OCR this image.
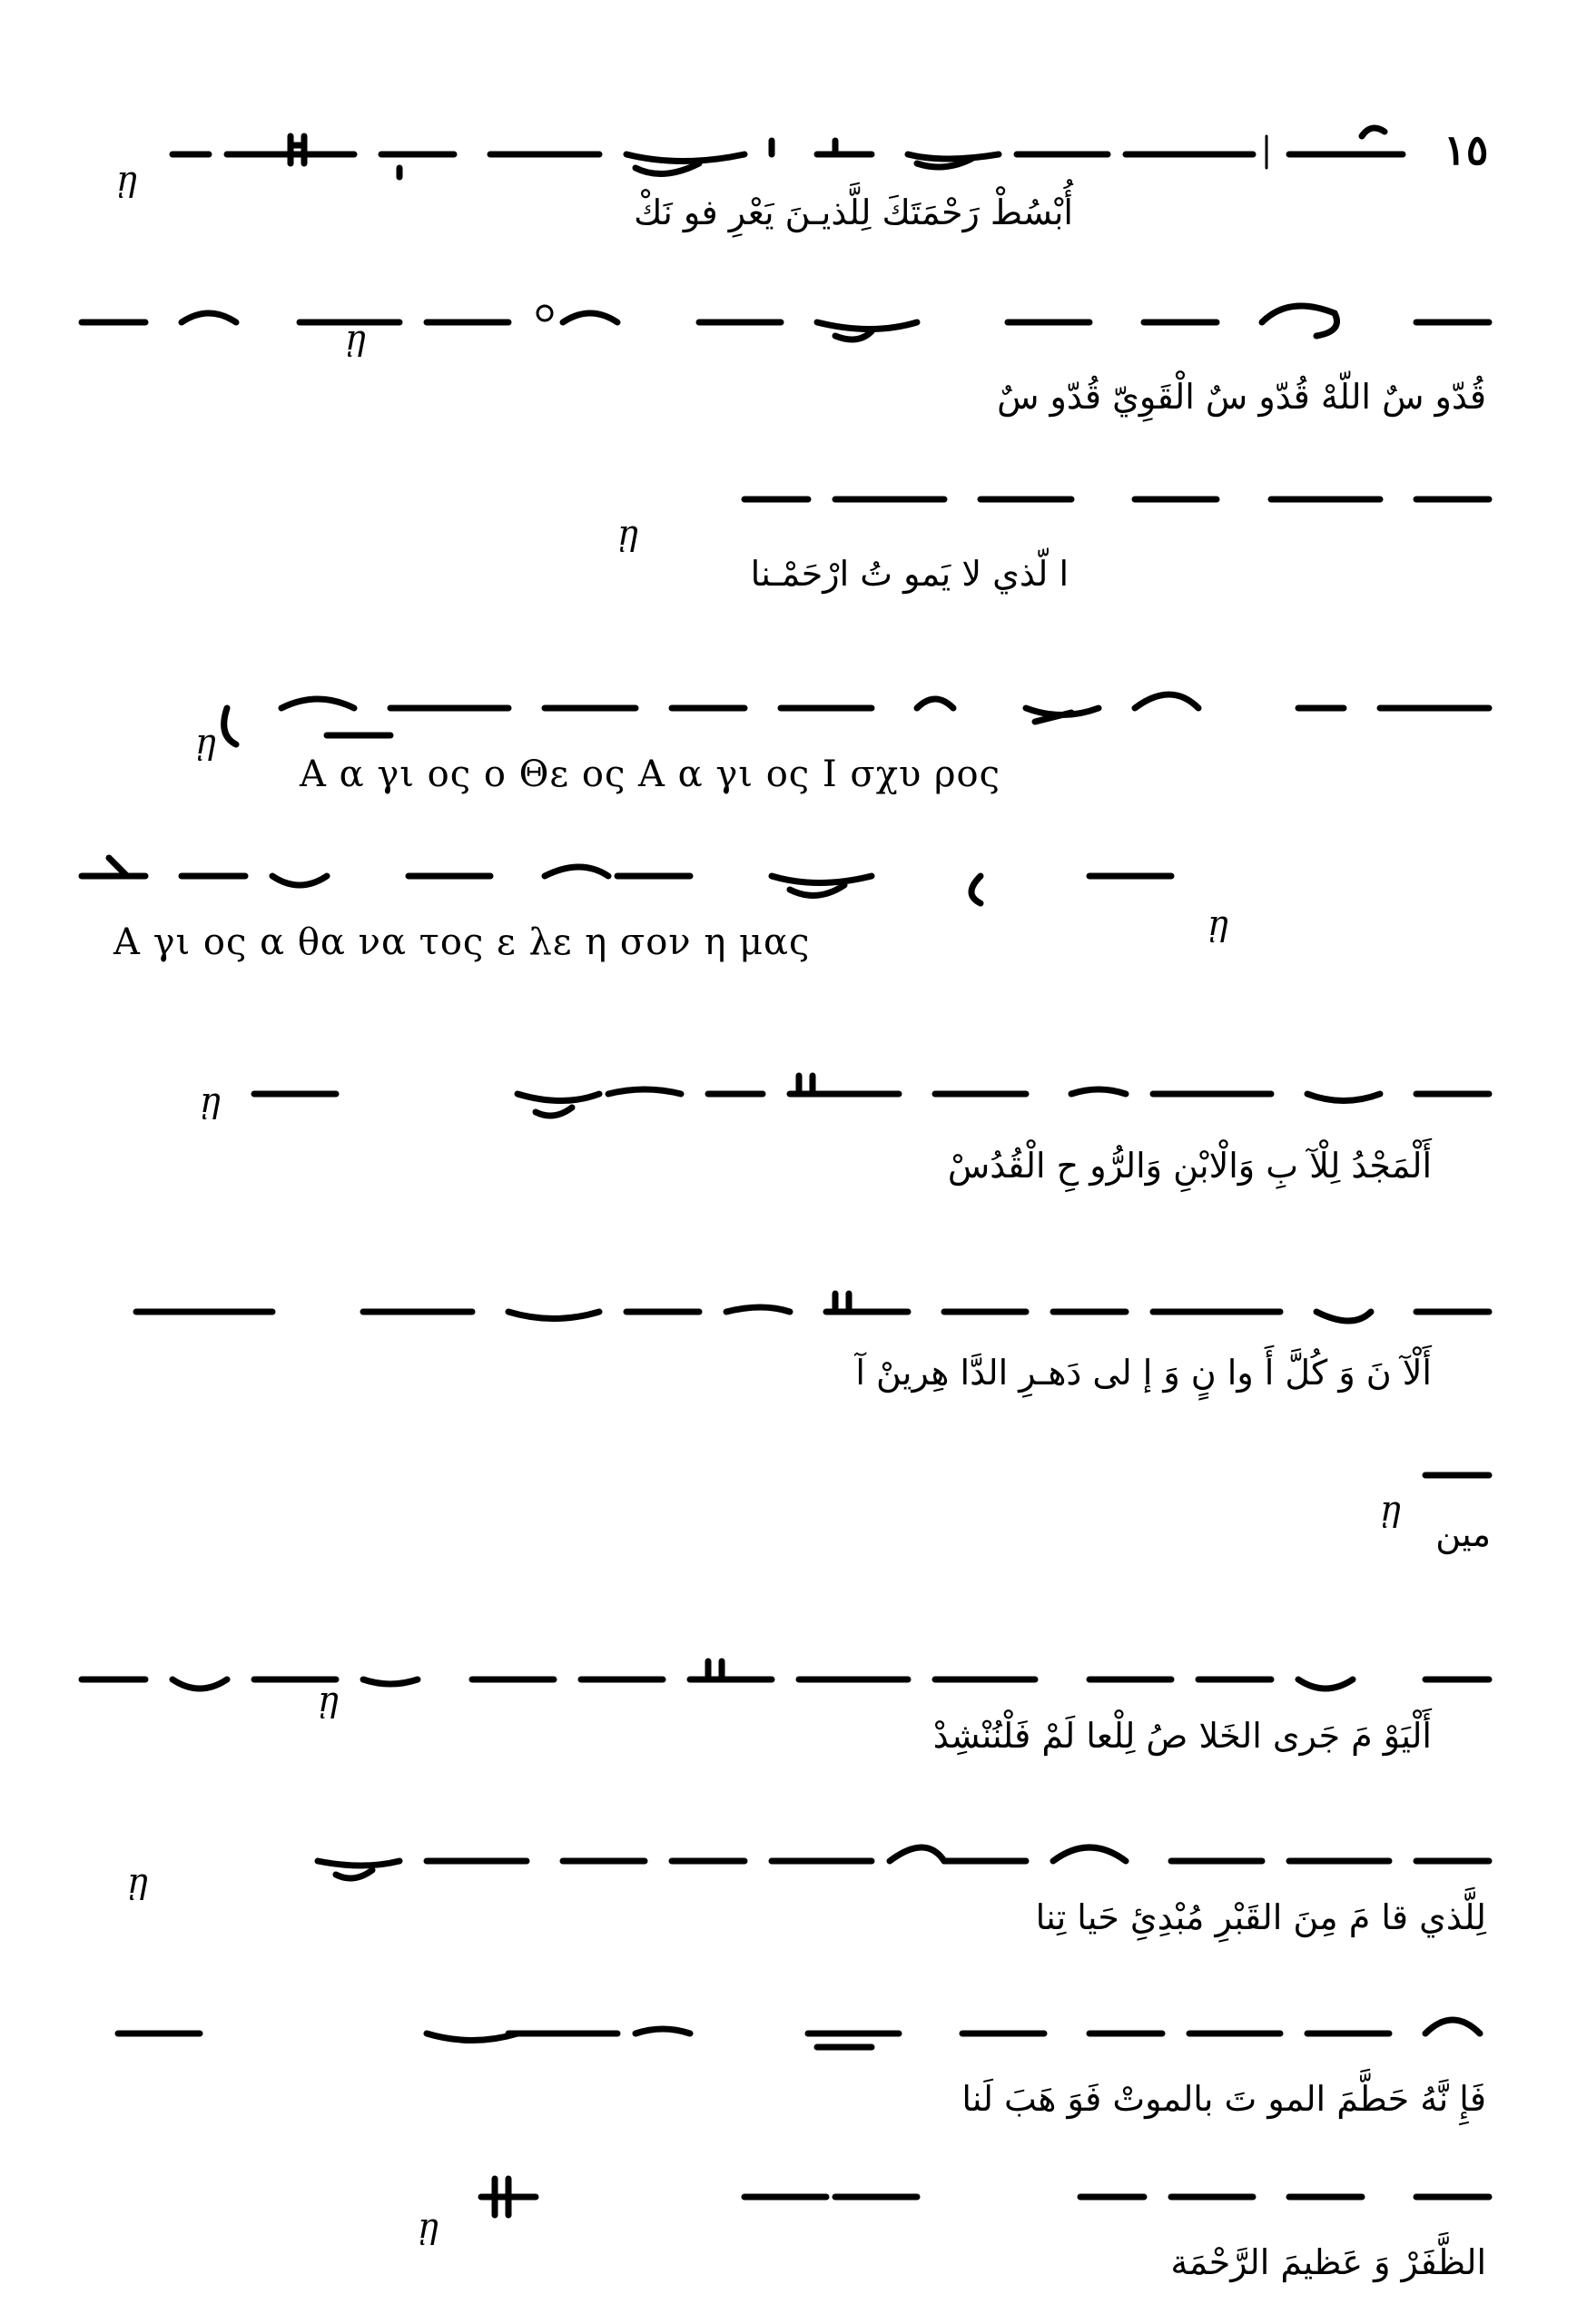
١٥
ῃ
ῃ
ῃ
ῃ
ῃ
ῃ
ῃ
ῃ
ῃ
ῃ
أُبْسُطْ رَحْمَتَكَ لِلَّذيـنَ يَعْرِ فو نَكْ
قُدّو سٌ اللّهْ قُدّو سٌ الْقَوِيّ قُدّو سٌ
ا لّذي لا يَمو تُ ارْحَمْـنا
Α α γι ος ο Θε ος Α α γι ος Ι σχυ ρος
Α γι ος α θα να τος ε λε η σον η μας
أَلْمَجْدُ لِلْآ بِ وَالْابْنِ وَالرُّو حِ الْقُدُسْ
أَلْآ نَ وَ كُلَّ أَ وا نٍ وَ إ لى دَهـرِ الدَّا هِرينْ آ
مين
أَلْيَوْ مَ جَرى الخَلا صُ لِلْعا لَمْ فَلْنُنْشِدْ
لِلَّذي قا مَ مِنَ القَبْرِ مُبْدِئِ حَيا تِنا
فَإِ نَّهُ حَطَّمَ المو تَ بالموتْ فَوَ هَبَ لَنا
الظَّفَرْ وَ عَظيمَ الرَّحْمَة
